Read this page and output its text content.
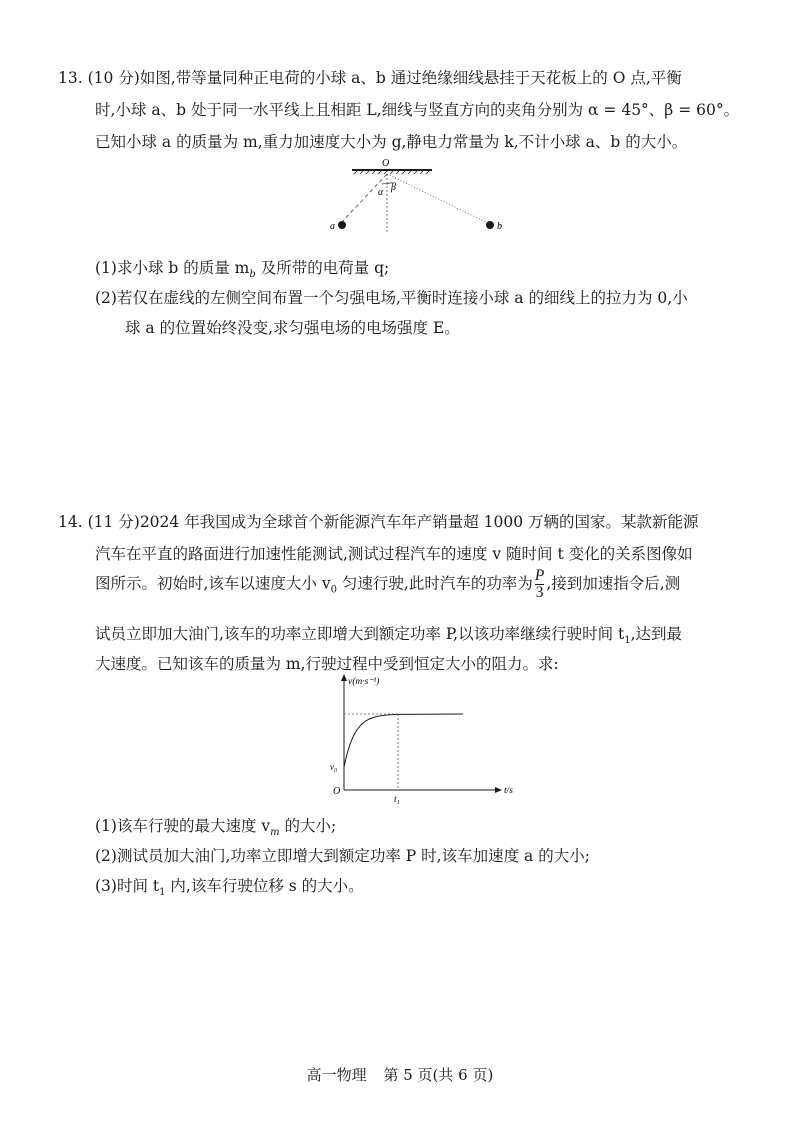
13. (10 分)如图,带等量同种正电荷的小球 a、b 通过绝缘细线悬挂于天花板上的 O 点,平衡
时,小球 a、b 处于同一水平线上且相距 L,细线与竖直方向的夹角分别为 α = 45°、β = 60°。
已知小球 a 的质量为 m,重力加速度大小为 g,静电力常量为 k,不计小球 a、b 的大小。
O
α β
a	b
(1)求小球 b 的质量 $m_b$ 及所带的电荷量 q;
(2)若仅在虚线的左侧空间布置一个匀强电场,平衡时连接小球 a 的细线上的拉力为 0,小
球 a 的位置始终没变,求匀强电场的电场强度 E。
14. (11 分)2024 年我国成为全球首个新能源汽车年产销量超 1000 万辆的国家。某款新能源
汽车在平直的路面进行加速性能测试,测试过程汽车的速度 v 随时间 t 变化的关系图像如
图所示。初始时,该车以速度大小 $v_0$ 匀速行驶,此时汽车的功率为 $\frac{P}{3}$ ,接到加速指令后,测
试员立即加大油门,该车的功率立即增大到额定功率 P,以该功率继续行驶时间 $t_1$,达到最
大速度。已知该车的质量为 m,行驶过程中受到恒定大小的阻力。求:
v(m·s⁻¹)
t/s
O
v₀
t₁
(1)该车行驶的最大速度 $v_m$ 的大小;
(2)测试员加大油门,功率立即增大到额定功率 P 时,该车加速度 a 的大小;
(3)时间 $t_1$ 内,该车行驶位移 s 的大小。
高一物理 第 5 页(共 6 页)
